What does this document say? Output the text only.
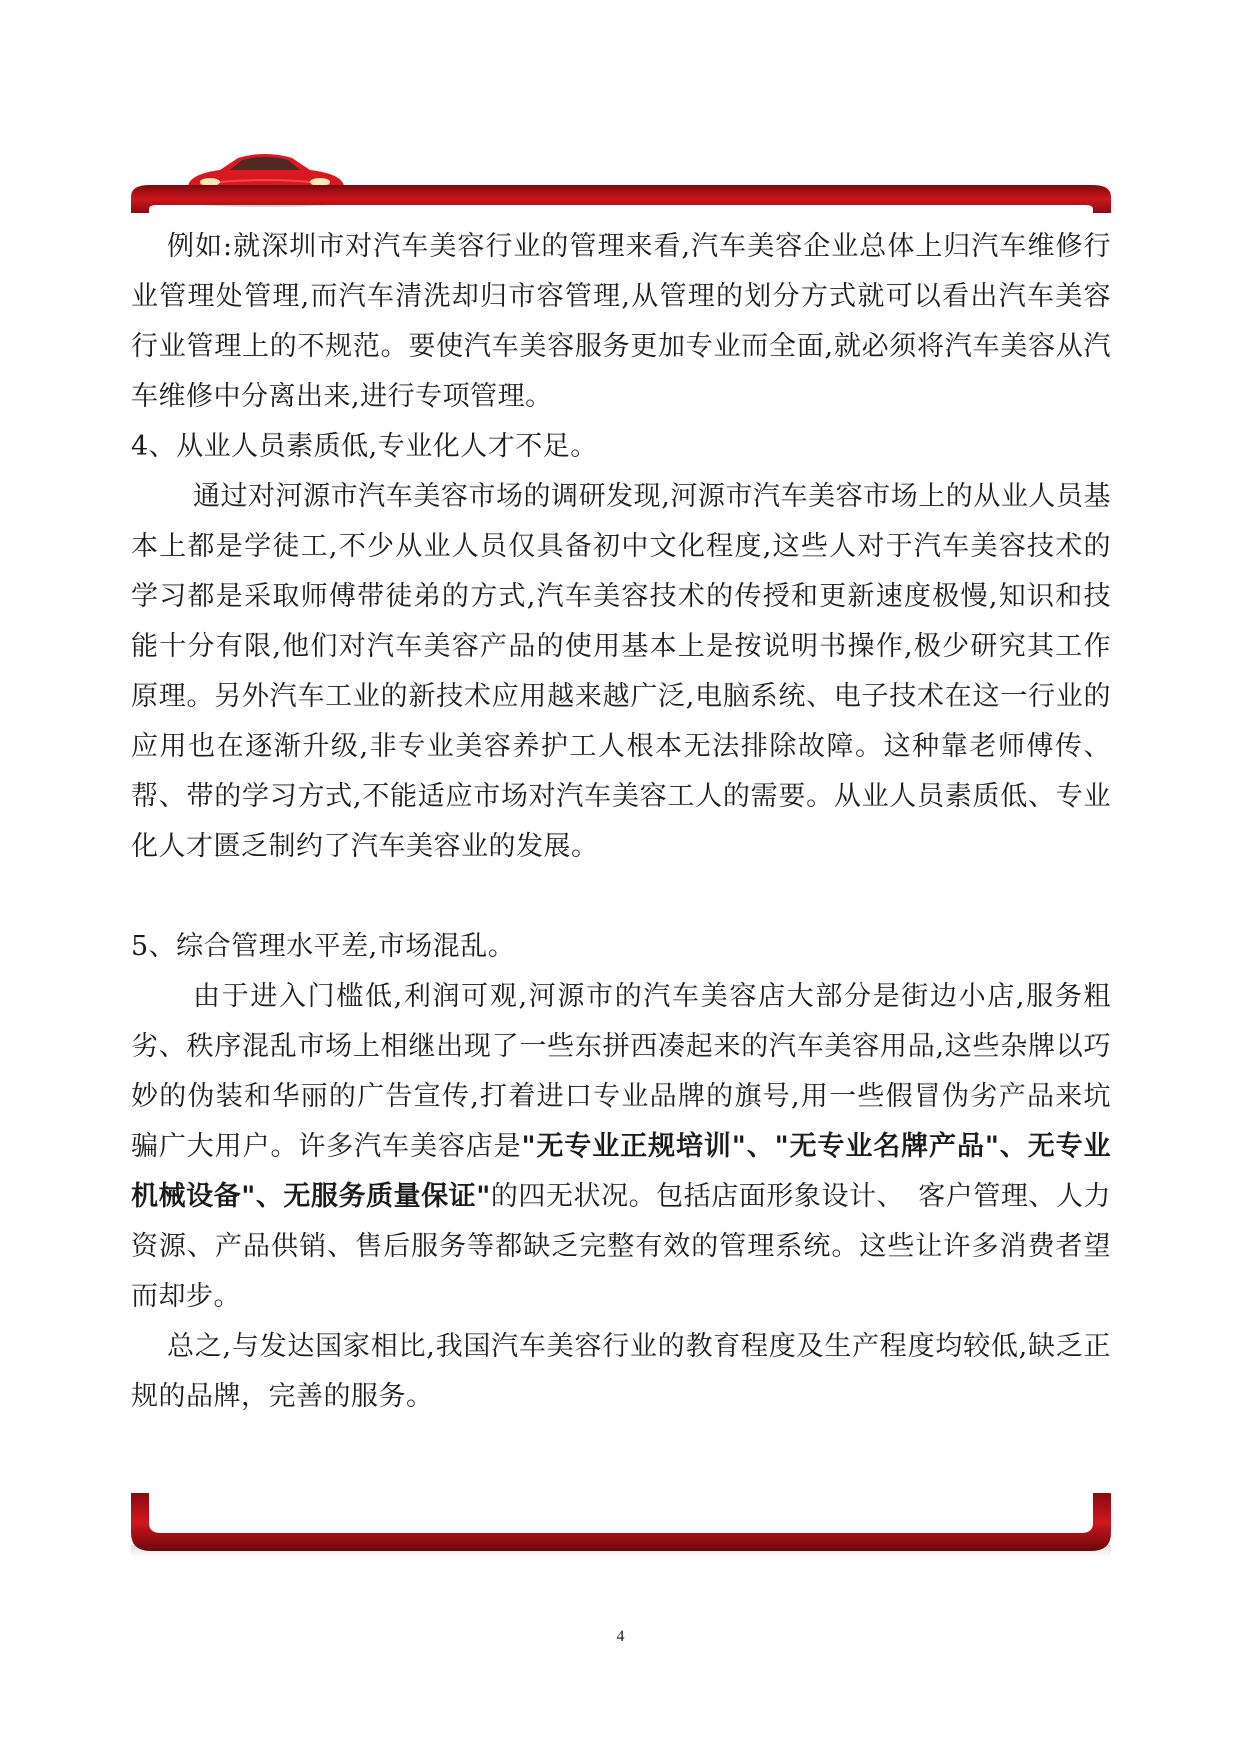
例如:就深圳市对汽车美容行业的管理来看,汽车美容企业总体上归汽车维修行业管理处管理,而汽车清洗却归市容管理,从管理的划分方式就可以看出汽车美容行业管理上的不规范。要使汽车美容服务更加专业而全面,就必须将汽车美容从汽车维修中分离出来,进行专项管理。

4、从业人员素质低,专业化人才不足。

通过对河源市汽车美容市场的调研发现,河源市汽车美容市场上的从业人员基本上都是学徒工,不少从业人员仅具备初中文化程度,这些人对于汽车美容技术的学习都是采取师傅带徒弟的方式,汽车美容技术的传授和更新速度极慢,知识和技能十分有限,他们对汽车美容产品的使用基本上是按说明书操作,极少研究其工作原理。另外汽车工业的新技术应用越来越广泛,电脑系统、电子技术在这一行业的应用也在逐渐升级,非专业美容养护工人根本无法排除故障。这种靠老师傅传、帮、带的学习方式,不能适应市场对汽车美容工人的需要。从业人员素质低、专业化人才匮乏制约了汽车美容业的发展。

5、综合管理水平差,市场混乱。

由于进入门槛低,利润可观,河源市的汽车美容店大部分是街边小店,服务粗劣、秩序混乱市场上相继出现了一些东拼西凑起来的汽车美容用品,这些杂牌以巧妙的伪装和华丽的广告宣传,打着进口专业品牌的旗号,用一些假冒伪劣产品来坑骗广大用户。许多汽车美容店是"无专业正规培训"、"无专业名牌产品"、无专业机械设备"、无服务质量保证"的四无状况。包括店面形象设计、　客户管理、人力资源、产品供销、售后服务等都缺乏完整有效的管理系统。这些让许多消费者望而却步。

总之,与发达国家相比,我国汽车美容行业的教育程度及生产程度均较低,缺乏正规的品牌，完善的服务。

4
